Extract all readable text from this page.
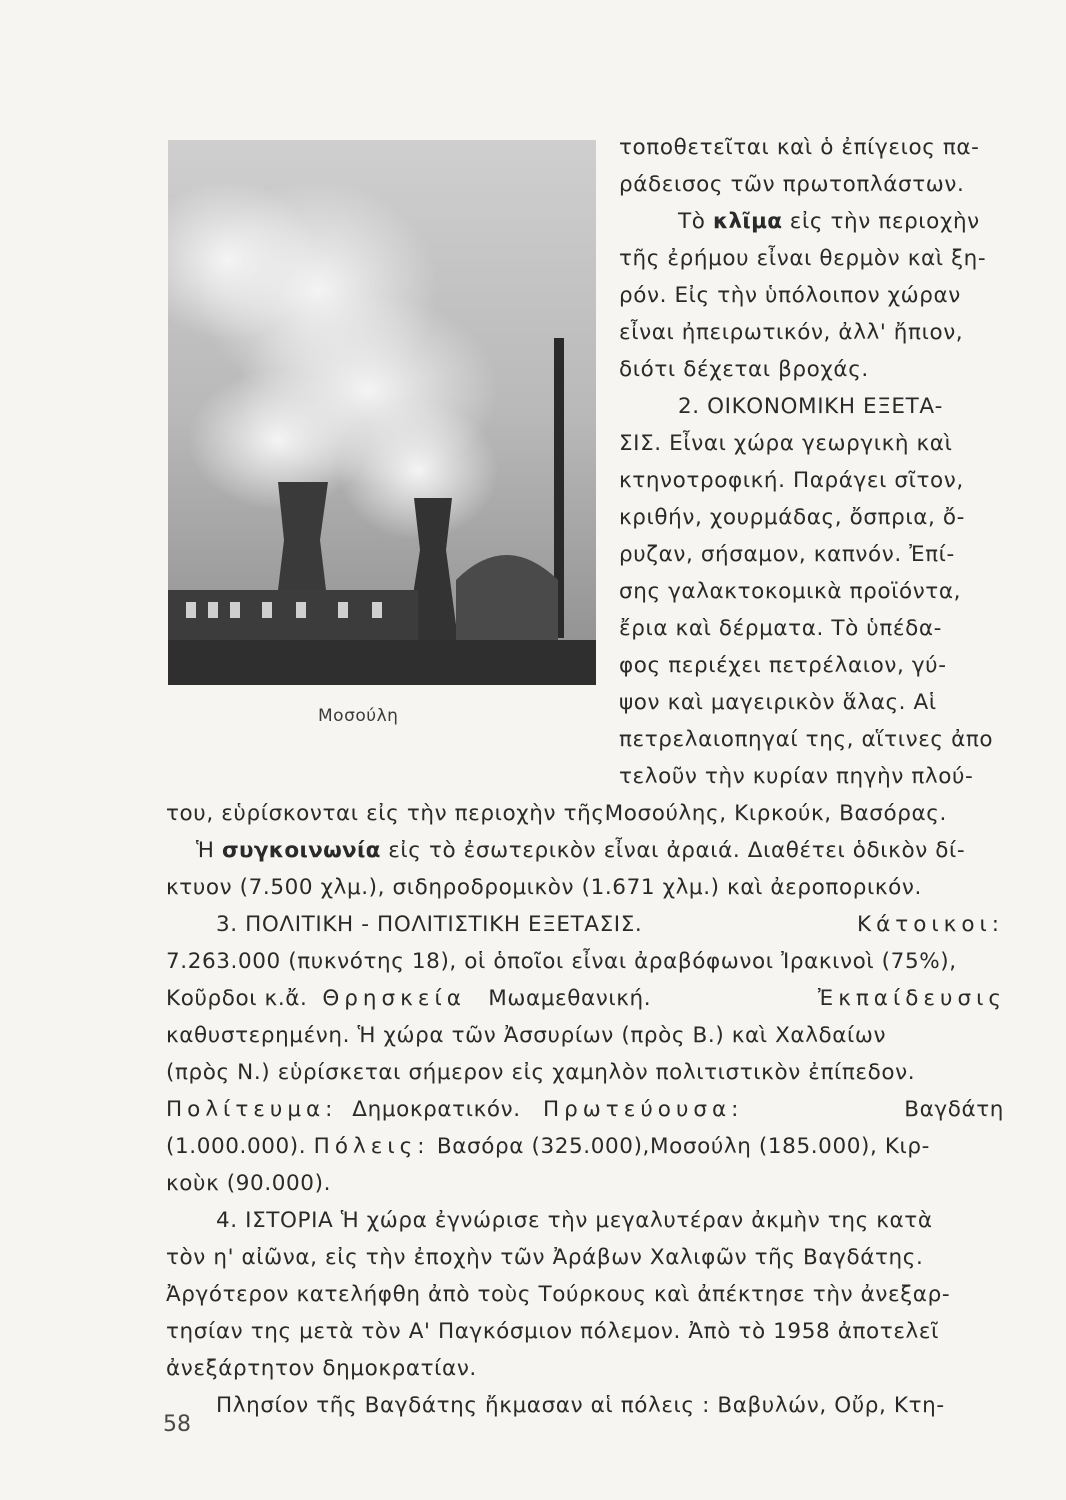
Μοσούλη
τοποθετεῖται καὶ ὁ ἐπίγειος πα-
ράδεισος τῶν πρωτοπλάστων.
Τὸ κλῖμα εἰς τὴν περιοχὴν
τῆς ἐρήμου εἶναι θερμὸν καὶ ξη-
ρόν. Εἰς τὴν ὑπόλοιπον χώραν
εἶναι ἠπειρωτικόν, ἀλλ' ἤπιον,
διότι δέχεται βροχάς.
2. ΟΙΚΟΝΟΜΙΚΗ ΕΞΕΤΑ-
ΣΙΣ. Εἶναι χώρα γεωργικὴ καὶ
κτηνοτροφική. Παράγει σῖτον,
κριθήν, χουρμάδας, ὄσπρια, ὄ-
ρυζαν, σήσαμον, καπνόν. Ἐπί-
σης γαλακτοκομικὰ προϊόντα,
ἔρια καὶ δέρματα. Τὸ ὑπέδα-
φος περιέχει πετρέλαιον, γύ-
ψον καὶ μαγειρικὸν ἅλας. Αἱ
πετρελαιοπηγαί της, αἵτινες ἀπο
τελοῦν τὴν κυρίαν πηγὴν πλού-
του, εὑρίσκονται εἰς τὴν περιοχὴν τῆςΜοσούλης, Κιρκούκ, Βασόρας.
Ἡ συγκοινωνία εἰς τὸ ἐσωτερικὸν εἶναι ἀραιά. Διαθέτει ὁδικὸν δί-
κτυον (7.500 χλμ.), σιδηροδρομικὸν (1.671 χλμ.) καὶ ἀεροπορικόν.
3. ΠΟΛΙΤΙΚΗ - ΠΟΛΙΤΙΣΤΙΚΗ ΕΞΕΤΑΣΙΣ.	Κάτοικοι:
7.263.000 (πυκνότης 18), οἱ ὁποῖοι εἶναι ἀραβόφωνοι Ἰρακινοὶ (75%),
Κοῦρδοι κ.ἄ. Θρησκεία Μωαμεθανική.	Ἐκπαίδευσις
καθυστερημένη. Ἡ χώρα τῶν Ἀσσυρίων (πρὸς Β.) καὶ Χαλδαίων
(πρὸς Ν.) εὑρίσκεται σήμερον εἰς χαμηλὸν πολιτιστικὸν ἐπίπεδον.
Πολίτευμα: Δημοκρατικόν. Πρωτεύουσα:	Βαγδάτη
(1.000.000). Πόλεις: Βασόρα (325.000),Μοσούλη (185.000), Κιρ-
κοὺκ (90.000).
4. ΙΣΤΟΡΙΑ Ἡ χώρα ἐγνώρισε τὴν μεγαλυτέραν ἀκμὴν της κατὰ
τὸν η' αἰῶνα, εἰς τὴν ἐποχὴν τῶν Ἀράβων Χαλιφῶν τῆς Βαγδάτης.
Ἀργότερον κατελήφθη ἀπὸ τοὺς Τούρκους καὶ ἀπέκτησε τὴν ἀνεξαρ-
τησίαν της μετὰ τὸν Α' Παγκόσμιον πόλεμον. Ἀπὸ τὸ 1958 ἀποτελεῖ
ἀνεξάρτητον δημοκρατίαν.
Πλησίον τῆς Βαγδάτης ἤκμασαν αἱ πόλεις : Βαβυλών, Οὔρ, Κτη-
58
